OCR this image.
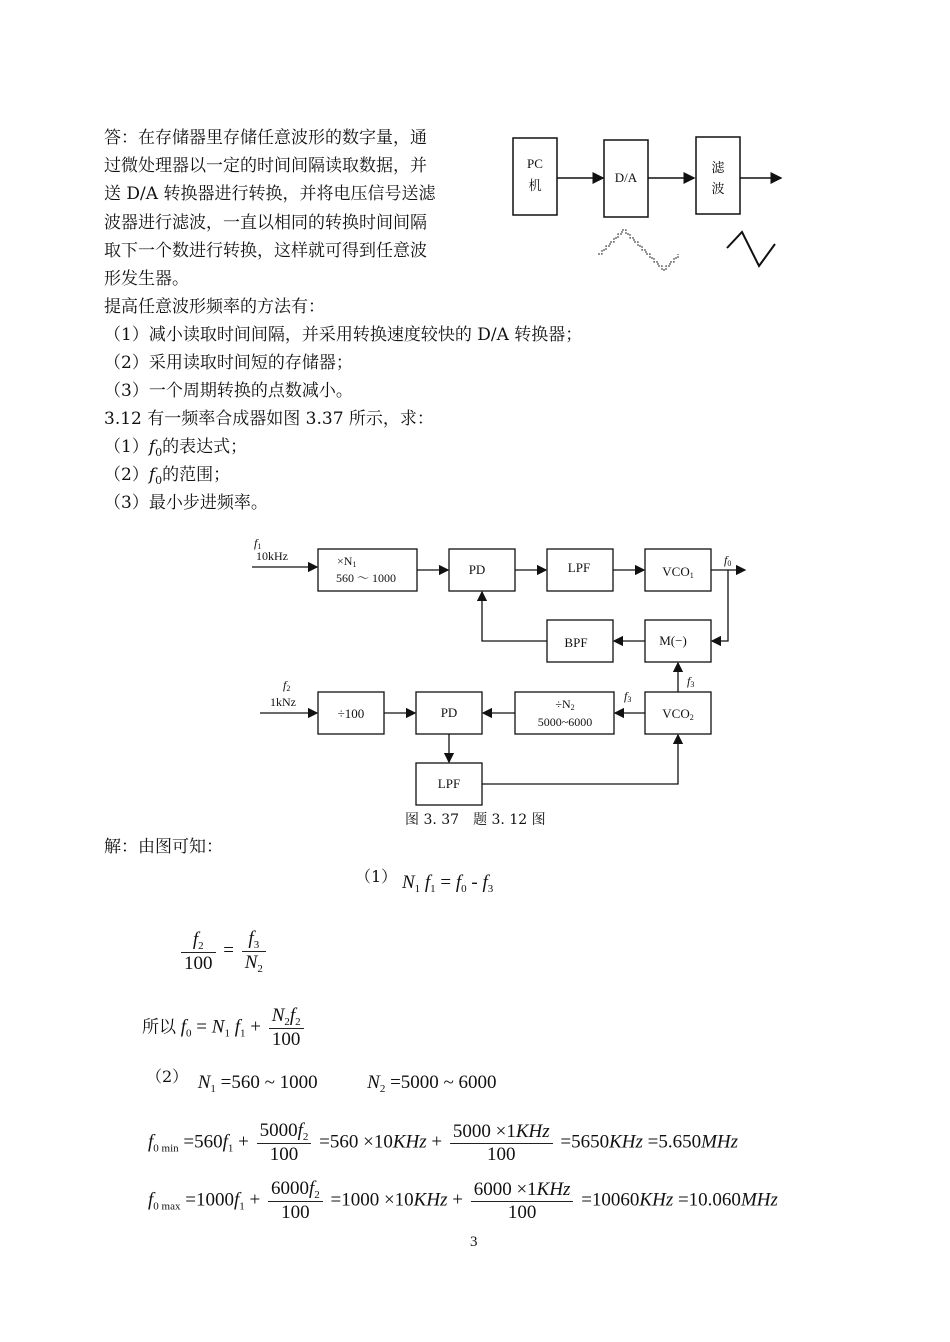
答：在存储器里存储任意波形的数字量，通
过微处理器以一定的时间间隔读取数据，并
送 D/A 转换器进行转换，并将电压信号送滤
波器进行滤波，一直以相同的转换时间间隔
取下一个数进行转换，这样就可得到任意波
形发生器。
PC
机
D/A
滤
波
提高任意波形频率的方法有：
（1）减小读取时间间隔，并采用转换速度较快的 D/A 转换器；
（2）采用读取时间短的存储器；
（3）一个周期转换的点数减小。
3.12 有一频率合成器如图 3.37 所示，求：
$(1)f_0$的表达式；
$(2)f_0$的范围；
（3）最小步进频率。
f1
10kHz	×N1
560 ～ 1000
PD	LPF	VCO1
f0
BPF	M(−)
f3
f3
f2
1kNz
÷100	PD
÷N2
5000~6000
VCO2
LPF
图 3. 37　题 3. 12 图
解：由图可知：
$^{(1)}$ $N_1$ $f_1 = f_0 - f_3$
$\frac{f_2}{100} = \frac{f_3}{N_2}$
所以 $f_0 = N_1$ $f_1 + \frac{N_2f_2}{100}$
$^{(2)}$ $N_1 =560$ ~ 1000	$N_2 =5000$ ~ 6000
$f_{0 min} =560f_1 + \frac{5000f_2}{100} =560 \times 10KHz + \frac{\text{5000 ×1KHz}}{100} =5650KHz =5.650MHz$
$f_{0 max} =1000f_1 + \frac{6000f_2}{100} =1000 \times 10KHz + \frac{\text{6000 ×1KHz}}{100} =10060KHz =10.060MHz$
3
